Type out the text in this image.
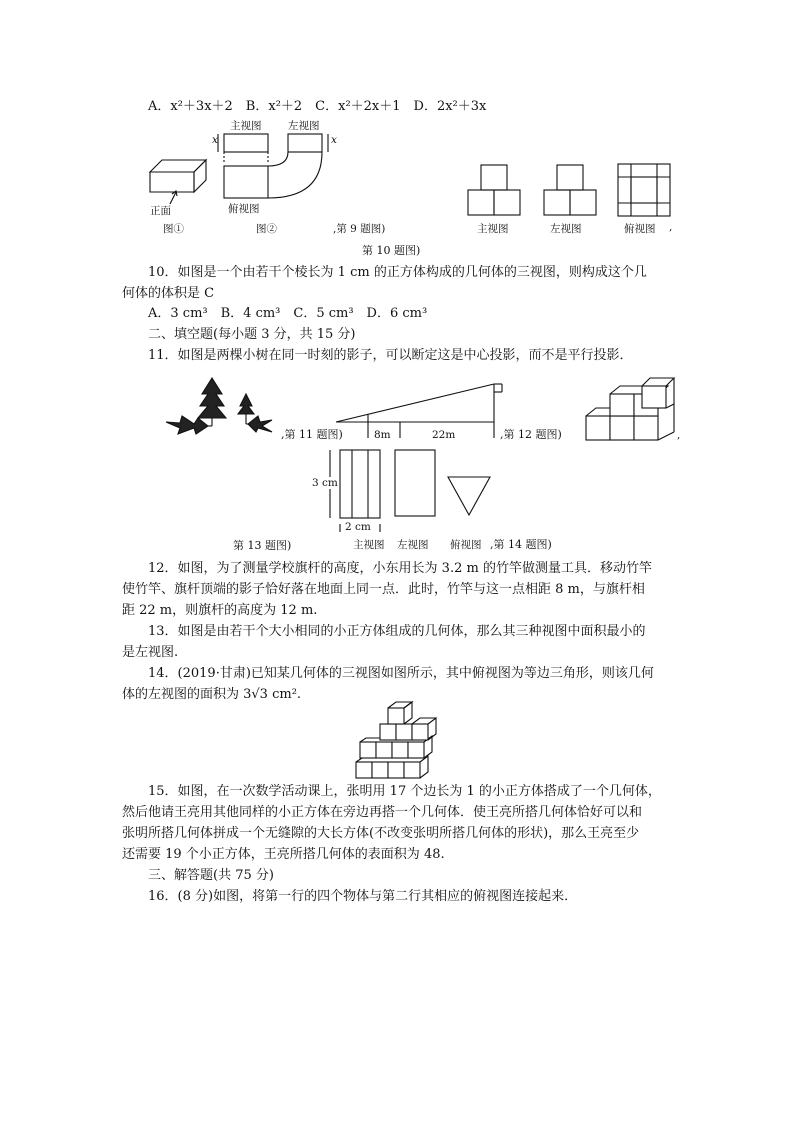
A．x²＋3x＋2　B．x²＋2　C．x²＋2x＋1　D．2x²＋3x
正面
图①
主视图	左视图
x	x
俯视图
图②	,第 9 题图)	主视图	左视图	俯视图 ,
第 10 题图)
10．如图是一个由若干个棱长为 1 cm 的正方体构成的几何体的三视图，则构成这个几
何体的体积是 C
A．3 cm³　B．4 cm³　C．5 cm³　D．6 cm³
二、填空题(每小题 3 分，共 15 分)
11．如图是两棵小树在同一时刻的影子，可以断定这是中心投影，而不是平行投影．
,第 11 题图)	8m	22m	,第 12 题图)	,
第 13 题图)
3 cm
2 cm
主视图 左视图 俯视图 ,第 14 题图)
12．如图，为了测量学校旗杆的高度，小东用长为 3.2 m 的竹竿做测量工具．移动竹竿
使竹竿、旗杆顶端的影子恰好落在地面上同一点．此时，竹竿与这一点相距 8 m，与旗杆相
距 22 m，则旗杆的高度为 12 m.
13．如图是由若干个大小相同的小正方体组成的几何体，那么其三种视图中面积最小的
是左视图.
14．(2019·甘肃)已知某几何体的三视图如图所示，其中俯视图为等边三角形，则该几何
体的左视图的面积为 3√3 cm².
15．如图，在一次数学活动课上，张明用 17 个边长为 1 的小正方体搭成了一个几何体，
然后他请王亮用其他同样的小正方体在旁边再搭一个几何体．使王亮所搭几何体恰好可以和
张明所搭几何体拼成一个无缝隙的大长方体(不改变张明所搭几何体的形状)，那么王亮至少
还需要 19 个小正方体，王亮所搭几何体的表面积为 48.
三、解答题(共 75 分)
16．(8 分)如图，将第一行的四个物体与第二行其相应的俯视图连接起来．
